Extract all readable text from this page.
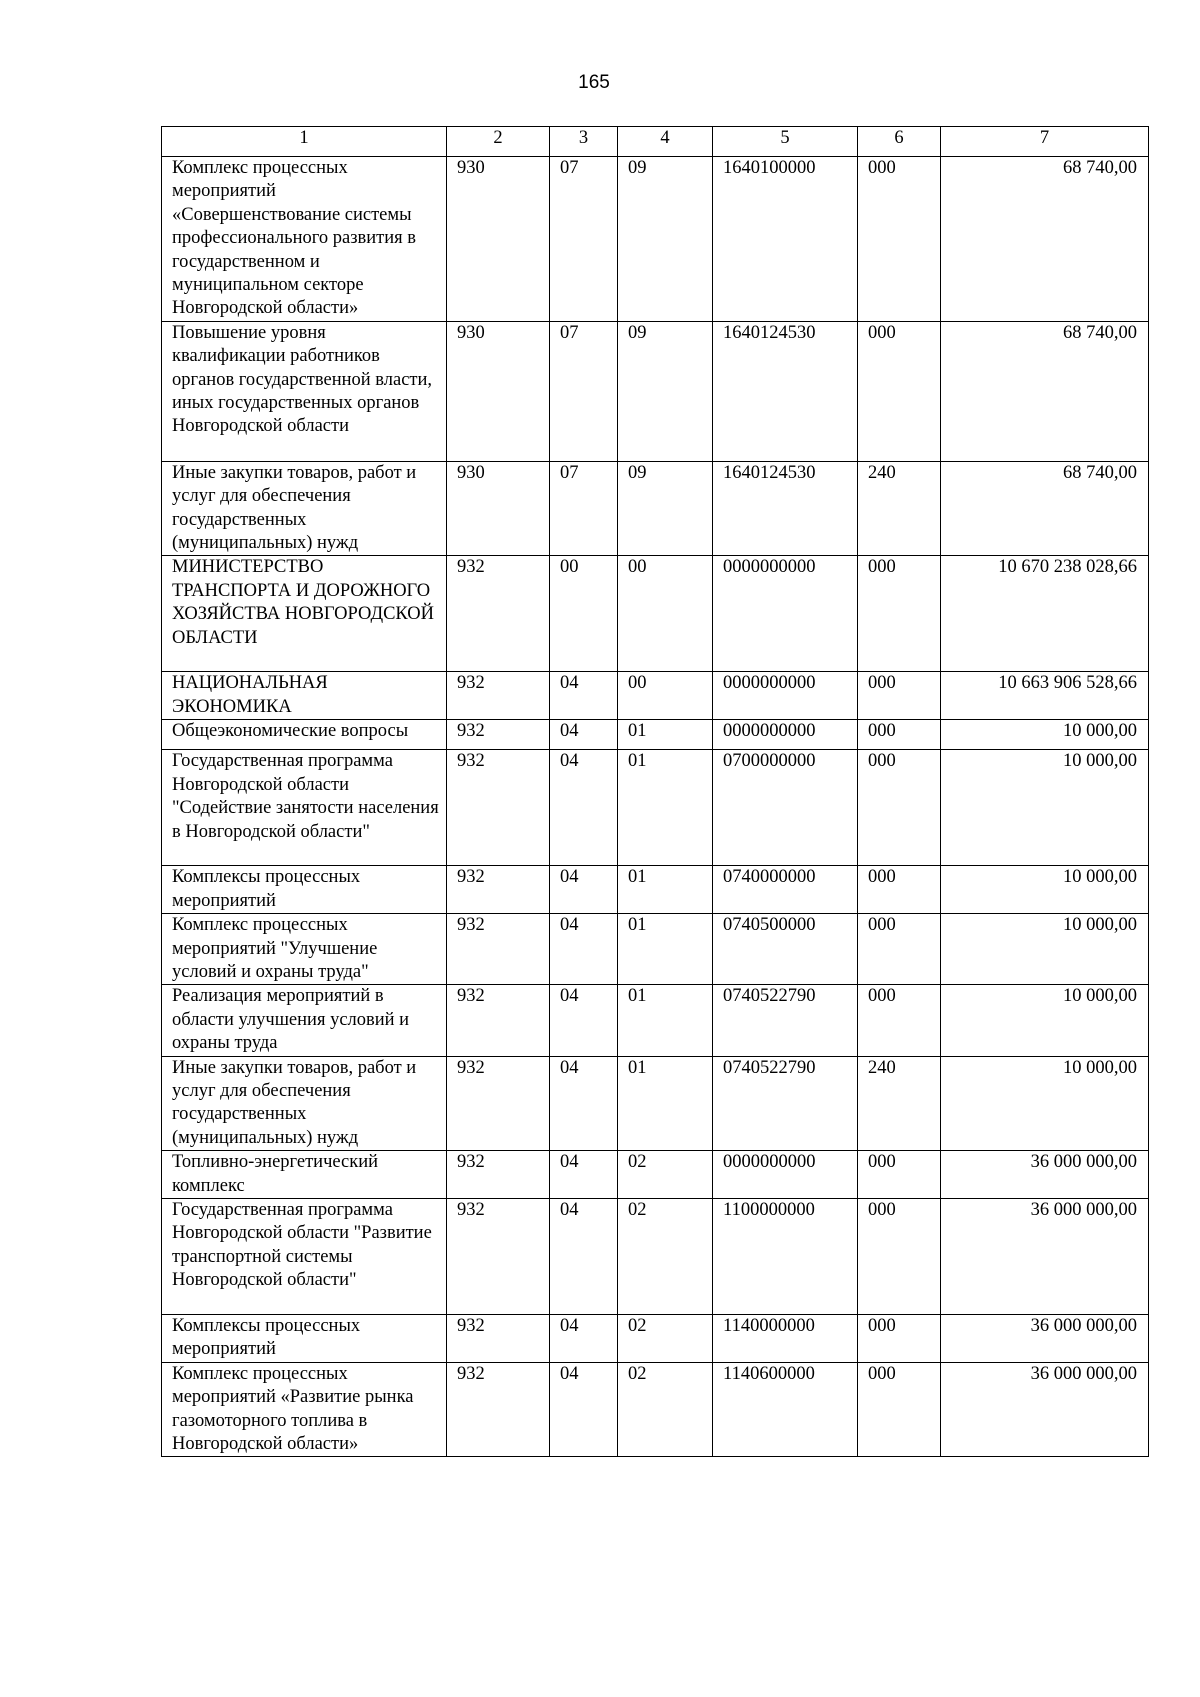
165
1	2	3	4	5	6	7
Комплекс процессных мероприятий «Совершенствование системы профессионального развития в государственном и муниципальном секторе Новгородской области»	930	07	09	1640100000	000	68 740,00
Повышение уровня квалификации работников органов государственной власти, иных государственных органов Новгородской области	930	07	09	1640124530	000	68 740,00
Иные закупки товаров, работ и услуг для обеспечения государственных (муниципальных) нужд	930	07	09	1640124530	240	68 740,00
МИНИСТЕРСТВО ТРАНСПОРТА И ДОРОЖНОГО ХОЗЯЙСТВА НОВГОРОДСКОЙ ОБЛАСТИ	932	00	00	0000000000	000	10 670 238 028,66
НАЦИОНАЛЬНАЯ ЭКОНОМИКА	932	04	00	0000000000	000	10 663 906 528,66
Общеэкономические вопросы	932	04	01	0000000000	000	10 000,00
Государственная программа Новгородской области "Содействие занятости населения в Новгородской области"	932	04	01	0700000000	000	10 000,00
Комплексы процессных мероприятий	932	04	01	0740000000	000	10 000,00
Комплекс процессных мероприятий "Улучшение условий и охраны труда"	932	04	01	0740500000	000	10 000,00
Реализация мероприятий в области улучшения условий и охраны труда	932	04	01	0740522790	000	10 000,00
Иные закупки товаров, работ и услуг для обеспечения государственных (муниципальных) нужд	932	04	01	0740522790	240	10 000,00
Топливно-энергетический комплекс	932	04	02	0000000000	000	36 000 000,00
Государственная программа Новгородской области "Развитие транспортной системы Новгородской области"	932	04	02	1100000000	000	36 000 000,00
Комплексы процессных мероприятий	932	04	02	1140000000	000	36 000 000,00
Комплекс процессных мероприятий «Развитие рынка газомоторного топлива в Новгородской области»	932	04	02	1140600000	000	36 000 000,00
